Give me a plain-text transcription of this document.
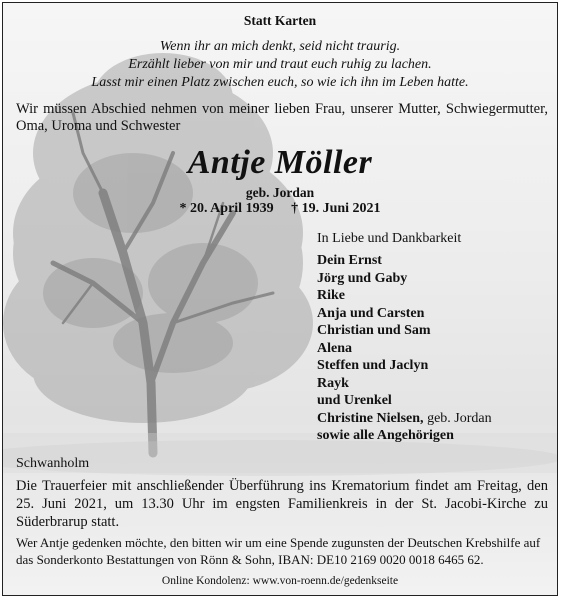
Statt Karten
Wenn ihr an mich denkt, seid nicht traurig.
Erzählt lieber von mir und traut euch ruhig zu lachen.
Lasst mir einen Platz zwischen euch, so wie ich ihn im Leben hatte.
Wir müssen Abschied nehmen von meiner lieben Frau, unserer Mutter, Schwiegermutter, Oma, Uroma und Schwester
Antje Möller
geb. Jordan
* 20. April 1939 † 19. Juni 2021
In Liebe und Dankbarkeit
Dein Ernst
Jörg und Gaby
Rike
Anja und Carsten
Christian und Sam
Alena
Steffen und Jaclyn
Rayk
und Urenkel
Christine Nielsen, geb. Jordan
sowie alle Angehörigen
Schwanholm
Die Trauerfeier mit anschließender Überführung ins Krematorium findet am Freitag, den 25. Juni 2021, um 13.30 Uhr im engsten Familienkreis in der St. Jacobi-Kirche zu Süderbrarup statt.
Wer Antje gedenken möchte, den bitten wir um eine Spende zugunsten der Deutschen Krebshilfe auf das Sonderkonto Bestattungen von Rönn & Sohn, IBAN: DE10 2169 0020 0018 6465 62.
Online Kondolenz: www.von-roenn.de/gedenkseite
